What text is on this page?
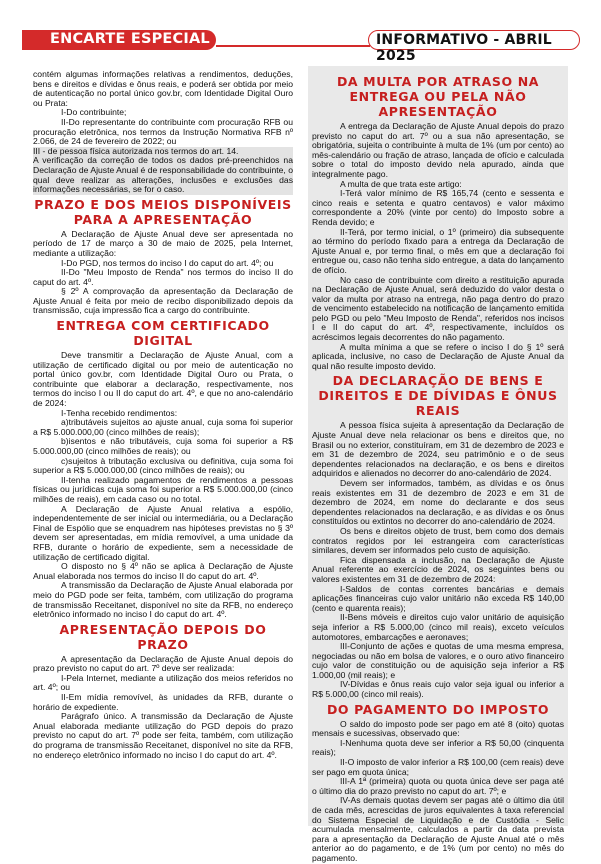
ENCARTE ESPECIAL	INFORMATIVO - ABRIL 2025

contém algumas informações relativas a rendimentos, deduções, bens e direitos e dívidas e ônus reais, e poderá ser obtida por meio de autenticação no portal único gov.br, com Identidade Digital Ouro ou Prata:

I-Do contribuinte;

II-Do representante do contribuinte com procuração RFB ou procuração eletrônica, nos termos da Instrução Normativa RFB nº 2.066, de 24 de fevereiro de 2022; ou

III - de pessoa física autorizada nos termos do art. 14.

A verificação da correção de todos os dados pré-preenchidos na Declaração de Ajuste Anual é de responsabilidade do contribuinte, o qual deve realizar as alterações, inclusões e exclusões das informações necessárias, se for o caso.

PRAZO E DOS MEIOS DISPONÍVEIS PARA A APRESENTAÇÃO

A Declaração de Ajuste Anual deve ser apresentada no período de 17 de março a 30 de maio de 2025, pela Internet, mediante a utilização:

I-Do PGD, nos termos do inciso I do caput do art. 4º; ou

II-Do "Meu Imposto de Renda" nos termos do inciso II do caput do art. 4º.

§ 2º A comprovação da apresentação da Declaração de Ajuste Anual é feita por meio de recibo disponibilizado depois da transmissão, cuja impressão fica a cargo do contribuinte.

ENTREGA COM CERTIFICADO DIGITAL

Deve transmitir a Declaração de Ajuste Anual, com a utilização de certificado digital ou por meio de autenticação no portal único gov.br, com Identidade Digital Ouro ou Prata, o contribuinte que elaborar a declaração, respectivamente, nos termos do inciso I ou II do caput do art. 4º, e que no ano-calendário de 2024:

I-Tenha recebido rendimentos:

a)tributáveis sujeitos ao ajuste anual, cuja soma foi superior a R$ 5.000.000,00 (cinco milhões de reais);

b)isentos e não tributáveis, cuja soma foi superior a R$ 5.000.000,00 (cinco milhões de reais); ou

c)sujeitos à tributação exclusiva ou definitiva, cuja soma foi superior a R$ 5.000.000,00 (cinco milhões de reais); ou

II-tenha realizado pagamentos de rendimentos a pessoas físicas ou jurídicas cuja soma foi superior a R$ 5.000.000,00 (cinco milhões de reais), em cada caso ou no total.

A Declaração de Ajuste Anual relativa a espólio, independentemente de ser inicial ou intermediária, ou a Declaração Final de Espólio que se enquadrem nas hipóteses previstas no § 3º devem ser apresentadas, em mídia removível, a uma unidade da RFB, durante o horário de expediente, sem a necessidade de utilização de certificado digital.

O disposto no § 4º não se aplica à Declaração de Ajuste Anual elaborada nos termos do inciso II do caput do art. 4º.

A transmissão da Declaração de Ajuste Anual elaborada por meio do PGD pode ser feita, também, com utilização do programa de transmissão Receitanet, disponível no site da RFB, no endereço eletrônico informado no inciso I do caput do art. 4º.

APRESENTAÇÃO DEPOIS DO PRAZO

A apresentação da Declaração de Ajuste Anual depois do prazo previsto no caput do art. 7º deve ser realizada:

I-Pela Internet, mediante a utilização dos meios referidos no art. 4º; ou

II-Em mídia removível, às unidades da RFB, durante o horário de expediente.

Parágrafo único. A transmissão da Declaração de Ajuste Anual elaborada mediante utilização do PGD depois do prazo previsto no caput do art. 7º pode ser feita, também, com utilização do programa de transmissão Receitanet, disponível no site da RFB, no endereço eletrônico informado no inciso I do caput do art. 4º.

DA MULTA POR ATRASO NA ENTREGA OU PELA NÃO APRESENTAÇÃO

A entrega da Declaração de Ajuste Anual depois do prazo previsto no caput do art. 7º ou a sua não apresentação, se obrigatória, sujeita o contribuinte à multa de 1% (um por cento) ao mês-calendário ou fração de atraso, lançada de ofício e calculada sobre o total do imposto devido nela apurado, ainda que integralmente pago.

A multa de que trata este artigo:

I-Terá valor mínimo de R$ 165,74 (cento e sessenta e cinco reais e setenta e quatro centavos) e valor máximo correspondente a 20% (vinte por cento) do Imposto sobre a Renda devido; e

II-Terá, por termo inicial, o 1º (primeiro) dia subsequente ao término do período fixado para a entrega da Declaração de Ajuste Anual e, por termo final, o mês em que a declaração foi entregue ou, caso não tenha sido entregue, a data do lançamento de ofício.

No caso de contribuinte com direito a restituição apurada na Declaração de Ajuste Anual, será deduzido do valor desta o valor da multa por atraso na entrega, não paga dentro do prazo de vencimento estabelecido na notificação de lançamento emitida pelo PGD ou pelo "Meu Imposto de Renda", referidos nos incisos I e II do caput do art. 4º, respectivamente, incluídos os acréscimos legais decorrentes do não pagamento.

A multa mínima a que se refere o inciso I do § 1º será aplicada, inclusive, no caso de Declaração de Ajuste Anual da qual não resulte imposto devido.

DA DECLARAÇÃO DE BENS E DIREITOS E DE DÍVIDAS E ÔNUS REAIS

A pessoa física sujeita à apresentação da Declaração de Ajuste Anual deve nela relacionar os bens e direitos que, no Brasil ou no exterior, constituíram, em 31 de dezembro de 2023 e em 31 de dezembro de 2024, seu patrimônio e o de seus dependentes relacionados na declaração, e os bens e direitos adquiridos e alienados no decorrer do ano-calendário de 2024.

Devem ser informados, também, as dívidas e os ônus reais existentes em 31 de dezembro de 2023 e em 31 de dezembro de 2024, em nome do declarante e dos seus dependentes relacionados na declaração, e as dívidas e os ônus constituídos ou extintos no decorrer do ano-calendário de 2024.

Os bens e direitos objeto de trust, bem como dos demais contratos regidos por lei estrangeira com características similares, devem ser informados pelo custo de aquisição.

Fica dispensada a inclusão, na Declaração de Ajuste Anual referente ao exercício de 2024, os seguintes bens ou valores existentes em 31 de dezembro de 2024:

I-Saldos de contas correntes bancárias e demais aplicações financeiras cujo valor unitário não exceda R$ 140,00 (cento e quarenta reais);

II-Bens móveis e direitos cujo valor unitário de aquisição seja inferior a R$ 5.000,00 (cinco mil reais), exceto veículos automotores, embarcações e aeronaves;

III-Conjunto de ações e quotas de uma mesma empresa, negociadas ou não em bolsa de valores, e o ouro ativo financeiro cujo valor de constituição ou de aquisição seja inferior a R$ 1.000,00 (mil reais); e

IV-Dívidas e ônus reais cujo valor seja igual ou inferior a R$ 5.000,00 (cinco mil reais).

DO PAGAMENTO DO IMPOSTO

O saldo do imposto pode ser pago em até 8 (oito) quotas mensais e sucessivas, observado que:

I-Nenhuma quota deve ser inferior a R$ 50,00 (cinquenta reais);

II-O imposto de valor inferior a R$ 100,00 (cem reais) deve ser pago em quota única;

III-A 1ª (primeira) quota ou quota única deve ser paga até o último dia do prazo previsto no caput do art. 7º; e

IV-As demais quotas devem ser pagas até o último dia útil de cada mês, acrescidas de juros equivalentes à taxa referencial do Sistema Especial de Liquidação e de Custódia - Selic acumulada mensalmente, calculados a partir da data prevista para a apresentação da Declaração de Ajuste Anual até o mês anterior ao do pagamento, e de 1% (um por cento) no mês do pagamento.
